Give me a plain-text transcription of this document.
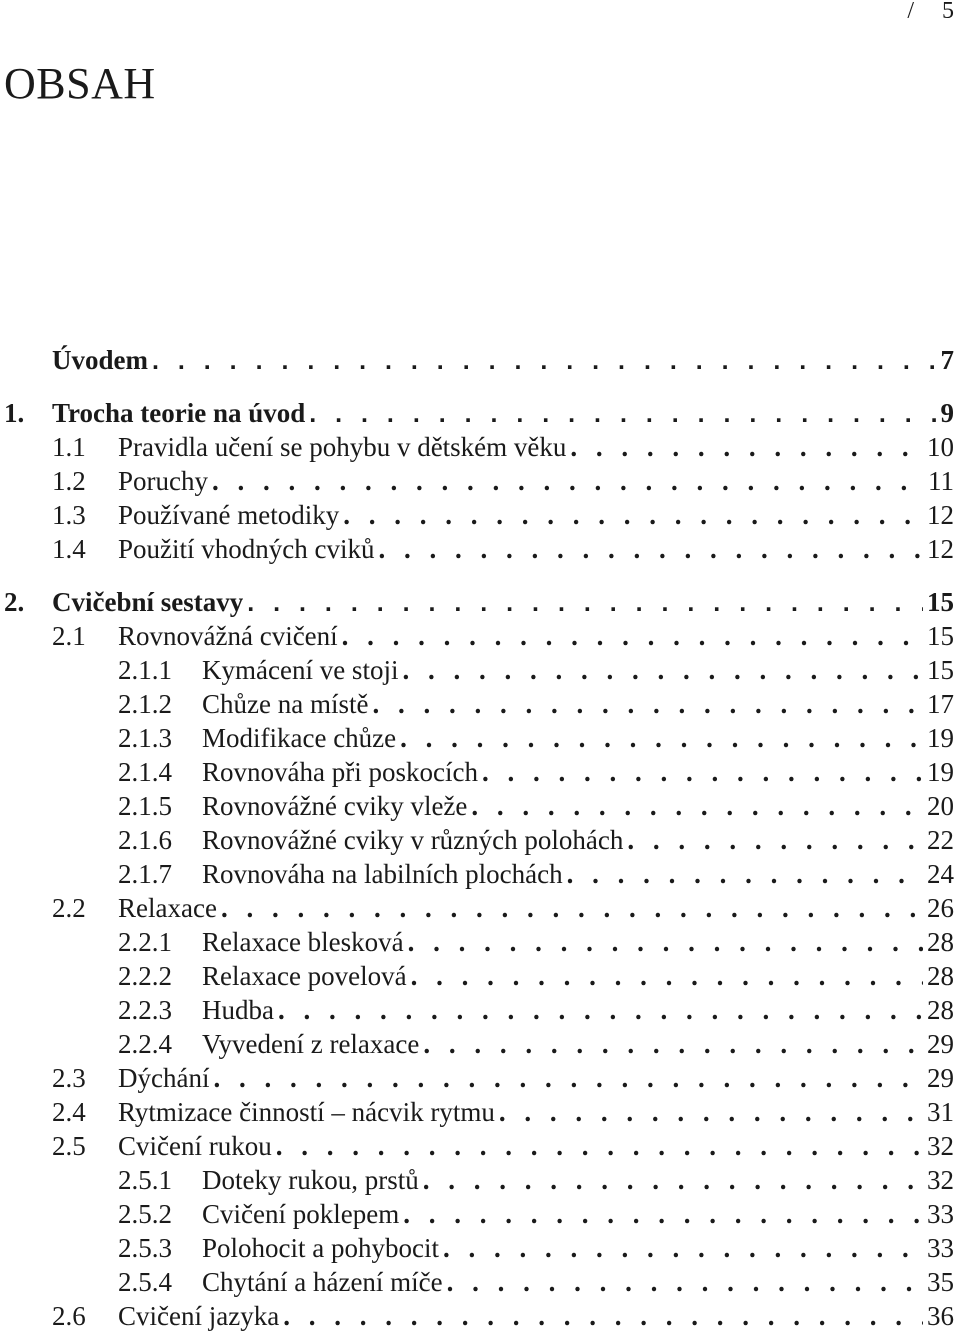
/ 5
OBSAH
Úvodem . . .	7
1.	Trocha teorie na úvod . . .	9
1.1	Pravidla učení se pohybu v dětském věku . . .	10
1.2	Poruchy . . .	11
1.3	Používané metodiky . . .	12
1.4	Použití vhodných cviků . . .	12
2.	Cvičební sestavy . . .	15
2.1	Rovnovážná cvičení . . .	15
2.1.1	Kymácení ve stoji . . .	15
2.1.2	Chůze na místě . . .	17
2.1.3	Modifikace chůze . . .	19
2.1.4	Rovnováha při poskocích . . .	19
2.1.5	Rovnovážné cviky vleže . . .	20
2.1.6	Rovnovážné cviky v různých polohách . . .	22
2.1.7	Rovnováha na labilních plochách . . .	24
2.2	Relaxace . . .	26
2.2.1	Relaxace blesková . . .	28
2.2.2	Relaxace povelová . . .	28
2.2.3	Hudba . . .	28
2.2.4	Vyvedení z relaxace . . .	29
2.3	Dýchání . . .	29
2.4	Rytmizace činností – nácvik rytmu . . .	31
2.5	Cvičení rukou . . .	32
2.5.1	Doteky rukou, prstů . . .	32
2.5.2	Cvičení poklepem . . .	33
2.5.3	Polohocit a pohybocit . . .	33
2.5.4	Chytání a házení míče . . .	35
2.6	Cvičení jazyka . . .	36
